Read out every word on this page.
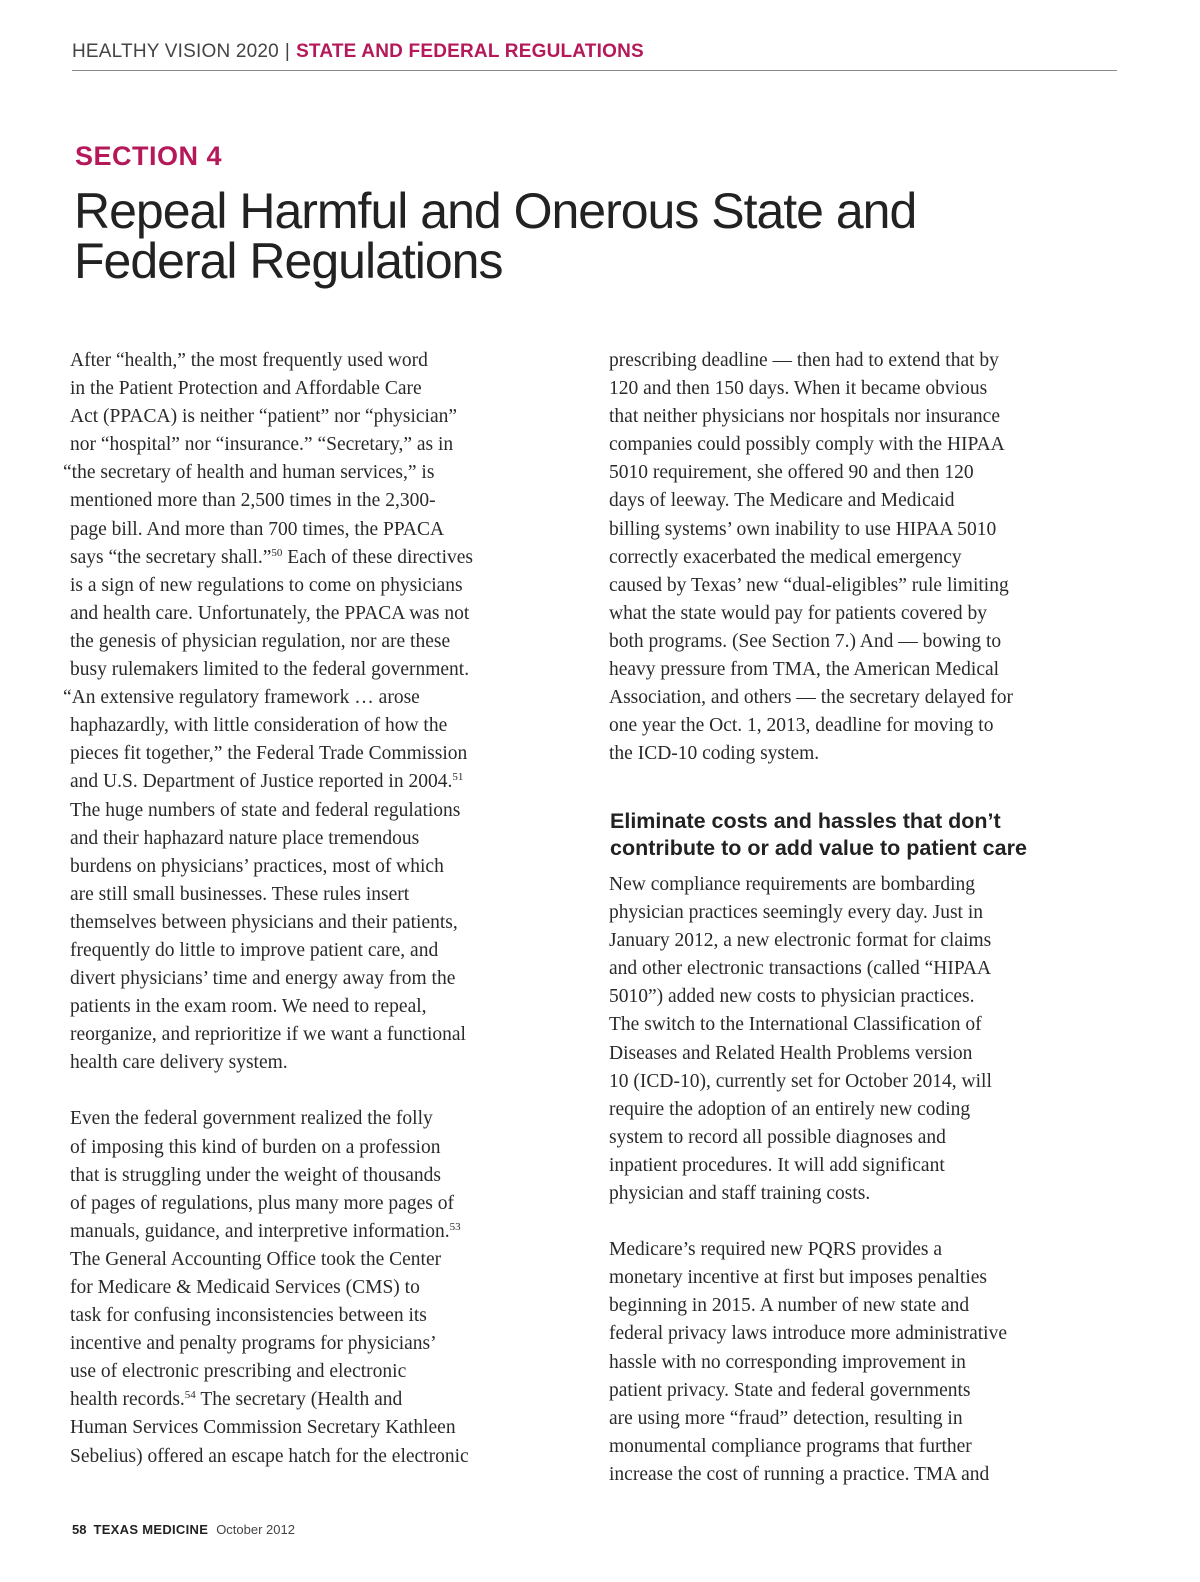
HEALTHY VISION 2020 | STATE AND FEDERAL REGULATIONS
SECTION 4
Repeal Harmful and Onerous State and
Federal Regulations
After “health,” the most frequently used word
in the Patient Protection and Affordable Care
Act (PPACA) is neither “patient” nor “physician”
nor “hospital” nor “insurance.” “Secretary,” as in
“the secretary of health and human services,” is
mentioned more than 2,500 times in the 2,300-
page bill. And more than 700 times, the PPACA
says “the secretary shall.”$^{50}$ Each of these directives
is a sign of new regulations to come on physicians
and health care. Unfortunately, the PPACA was not
the genesis of physician regulation, nor are these
busy rulemakers limited to the federal government.
“An extensive regulatory framework … arose
haphazardly, with little consideration of how the
pieces fit together,” the Federal Trade Commission
and U.S. Department of Justice reported in 2004.51
The huge numbers of state and federal regulations
and their haphazard nature place tremendous
burdens on physicians’ practices, most of which
are still small businesses. These rules insert
themselves between physicians and their patients,
frequently do little to improve patient care, and
divert physicians’ time and energy away from the
patients in the exam room. We need to repeal,
reorganize, and reprioritize if we want a functional
health care delivery system.
Even the federal government realized the folly
of imposing this kind of burden on a profession
that is struggling under the weight of thousands
of pages of regulations, plus many more pages of
manuals, guidance, and interpretive information.$^{53}$
The General Accounting Office took the Center
for Medicare & Medicaid Services (CMS) to
task for confusing inconsistencies between its
incentive and penalty programs for physicians’
use of electronic prescribing and electronic
health records.$^{54}$ The secretary (Health and
Human Services Commission Secretary Kathleen
Sebelius) offered an escape hatch for the electronic
prescribing deadline — then had to extend that by
120 and then 150 days. When it became obvious
that neither physicians nor hospitals nor insurance
companies could possibly comply with the HIPAA
5010 requirement, she offered 90 and then 120
days of leeway. The Medicare and Medicaid
billing systems’ own inability to use HIPAA 5010
correctly exacerbated the medical emergency
caused by Texas’ new “dual-eligibles” rule limiting
what the state would pay for patients covered by
both programs. (See Section 7.) And — bowing to
heavy pressure from TMA, the American Medical
Association, and others — the secretary delayed for
one year the Oct. 1, 2013, deadline for moving to
the ICD-10 coding system.
Eliminate costs and hassles that don’t
contribute to or add value to patient care
New compliance requirements are bombarding
physician practices seemingly every day. Just in
January 2012, a new electronic format for claims
and other electronic transactions (called “HIPAA
5010”) added new costs to physician practices.
The switch to the International Classification of
Diseases and Related Health Problems version
10 (ICD-10), currently set for October 2014, will
require the adoption of an entirely new coding
system to record all possible diagnoses and
inpatient procedures. It will add significant
physician and staff training costs.
Medicare’s required new PQRS provides a
monetary incentive at first but imposes penalties
beginning in 2015. A number of new state and
federal privacy laws introduce more administrative
hassle with no corresponding improvement in
patient privacy. State and federal governments
are using more “fraud” detection, resulting in
monumental compliance programs that further
increase the cost of running a practice. TMA and
58 TEXAS MEDICINE October 2012
